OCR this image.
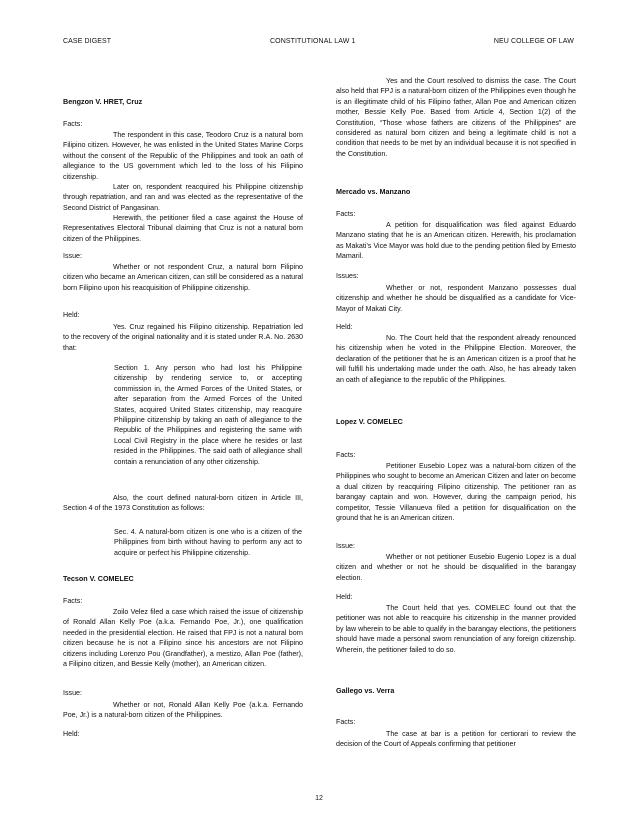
CASE DIGEST	CONSTITUTIONAL LAW 1	NEU COLLEGE OF LAW
Bengzon V. HRET, Cruz
Facts:
The respondent in this case, Teodoro Cruz is a natural born Filipino citizen. However, he was enlisted in the United States Marine Corps without the consent of the Republic of the Philippines and took an oath of allegiance to the US government which led to the loss of his Filipino citizenship.
Later on, respondent reacquired his Philippine citizenship through repatriation, and ran and was elected as the representative of the Second District of Pangasinan.
Herewith, the petitioner filed a case against the House of Representatives Electoral Tribunal claiming that Cruz is not a natural born citizen of the Philippines.
Issue:
Whether or not respondent Cruz, a natural born Filipino citizen who became an American citizen, can still be considered as a natural born Filipino upon his reacquisition of Philippine citizenship.
Held:
Yes. Cruz regained his Filipino citizenship. Repatriation led to the recovery of the original nationality and it is stated under R.A. No. 2630 that:
Section 1. Any person who had lost his Philippine citizenship by rendering service to, or accepting commission in, the Armed Forces of the United States, or after separation from the Armed Forces of the United States, acquired United States citizenship, may reacquire Philippine citizenship by taking an oath of allegiance to the Republic of the Philippines and registering the same with Local Civil Registry in the place where he resides or last resided in the Philippines. The said oath of allegiance shall contain a renunciation of any other citizenship.
Also, the court defined natural-born citizen in Article III, Section 4 of the 1973 Constitution as follows:
Sec. 4. A natural-born citizen is one who is a citizen of the Philippines from birth without having to perform any act to acquire or perfect his Philippine citizenship.
Tecson V. COMELEC
Facts:
Zoilo Velez filed a case which raised the issue of citizenship of Ronald Allan Kelly Poe (a.k.a. Fernando Poe, Jr.), one qualification needed in the presidential election. He raised that FPJ is not a natural born citizen because he is not a Filipino since his ancestors are not Filipino citizens including Lorenzo Pou (Grandfather), a mestizo, Allan Poe (father), a Filipino citizen, and Bessie Kelly (mother), an American citizen.
Issue:
Whether or not, Ronald Allan Kelly Poe (a.k.a. Fernando Poe, Jr.) is a natural-born citizen of the Philippines.
Held:
Yes and the Court resolved to dismiss the case. The Court also held that FPJ is a natural-born citizen of the Philippines even though he is an illegitimate child of his Filipino father, Allan Poe and American citizen mother, Bessie Kelly Poe. Based from Article 4, Section 1(2) of the Constitution, “Those whose fathers are citizens of the Philippines” are considered as natural born citizen and being a legitimate child is not a condition that needs to be met by an individual because it is not specified in the Constitution.
Mercado vs. Manzano
Facts:
A petition for disqualification was filed against Eduardo Manzano stating that he is an American citizen. Herewith, his proclamation as Makati’s Vice Mayor was hold due to the pending petition filed by Ernesto Mamaril.
Issues:
Whether or not, respondent Manzano possesses dual citizenship and whether he should be disqualified as a candidate for Vice-Mayor of Makati City.
Held:
No. The Court held that the respondent already renounced his citizenship when he voted in the Philippine Election. Moreover, the declaration of the petitioner that he is an American citizen is a proof that he will fulfill his undertaking made under the oath. Also, he has already taken an oath of allegiance to the republic of the Philippines.
Lopez V. COMELEC
Facts:
Petitioner Eusebio Lopez was a natural-born citizen of the Philippines who sought to become an American Citizen and later on become a dual citizen by reacquiring Filipino citizenship. The petitioner ran as barangay captain and won. However, during the campaign period, his competitor, Tessie Villanueva filed a petition for disqualification on the ground that he is an American citizen.
Issue:
Whether or not petitioner Eusebio Eugenio Lopez is a dual citizen and whether or not he should be disqualified in the barangay election.
Held:
The Court held that yes. COMELEC found out that the petitioner was not able to reacquire his citizenship in the manner provided by law wherein to be able to qualify in the barangay elections, the petitioners should have made a personal sworn renunciation of any foreign citizenship. Wherein, the petitioner failed to do so.
Gallego vs. Verra
Facts:
The case at bar is a petition for certiorari to review the decision of the Court of Appeals confirming that petitioner
12
